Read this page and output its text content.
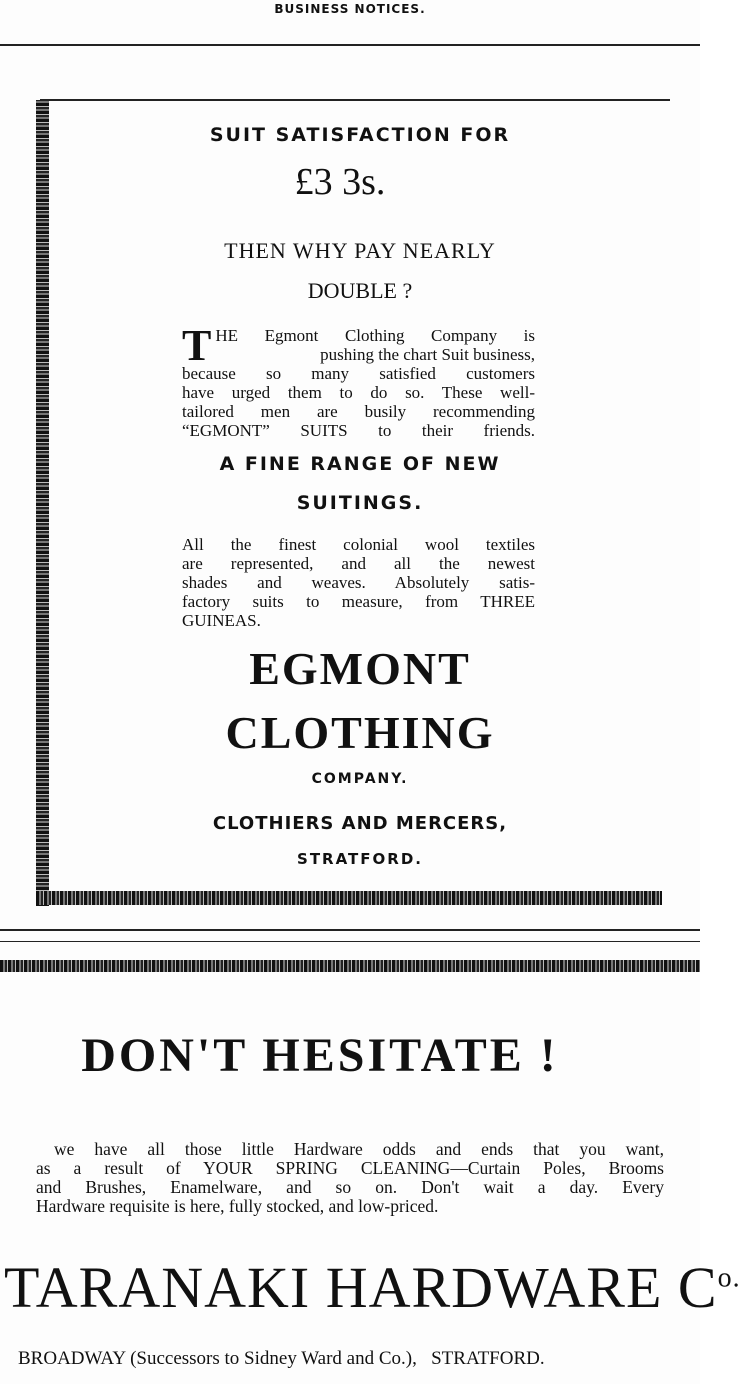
BUSINESS NOTICES.
SUIT SATISFACTION FOR
£3 3s.
THEN WHY PAY NEARLY
DOUBLE ?
T HE Egmont Clothing Company is
pushing the chart Suit business,
because so many satisfied customers
have urged them to do so. These well-
tailored men are busily recommending
“EGMONT” SUITS to their friends.
A FINE RANGE OF NEW
SUITINGS.
All the finest colonial wool textiles
are represented, and all the newest
shades and weaves. Absolutely satis-
factory suits to measure, from THREE
GUINEAS.
EGMONT
CLOTHING
COMPANY.
CLOTHIERS AND MERCERS,
STRATFORD.
DON'T HESITATE !
we have all those little Hardware odds and ends that you want,
as a result of YOUR SPRING CLEANING—Curtain Poles, Brooms
and Brushes, Enamelware, and so on. Don't wait a day. Every
Hardware requisite is here, fully stocked, and low-priced.
TARANAKI HARDWARE $C^{o.}$
BROADWAY (Successors to Sidney Ward and Co.),   STRATFORD.
